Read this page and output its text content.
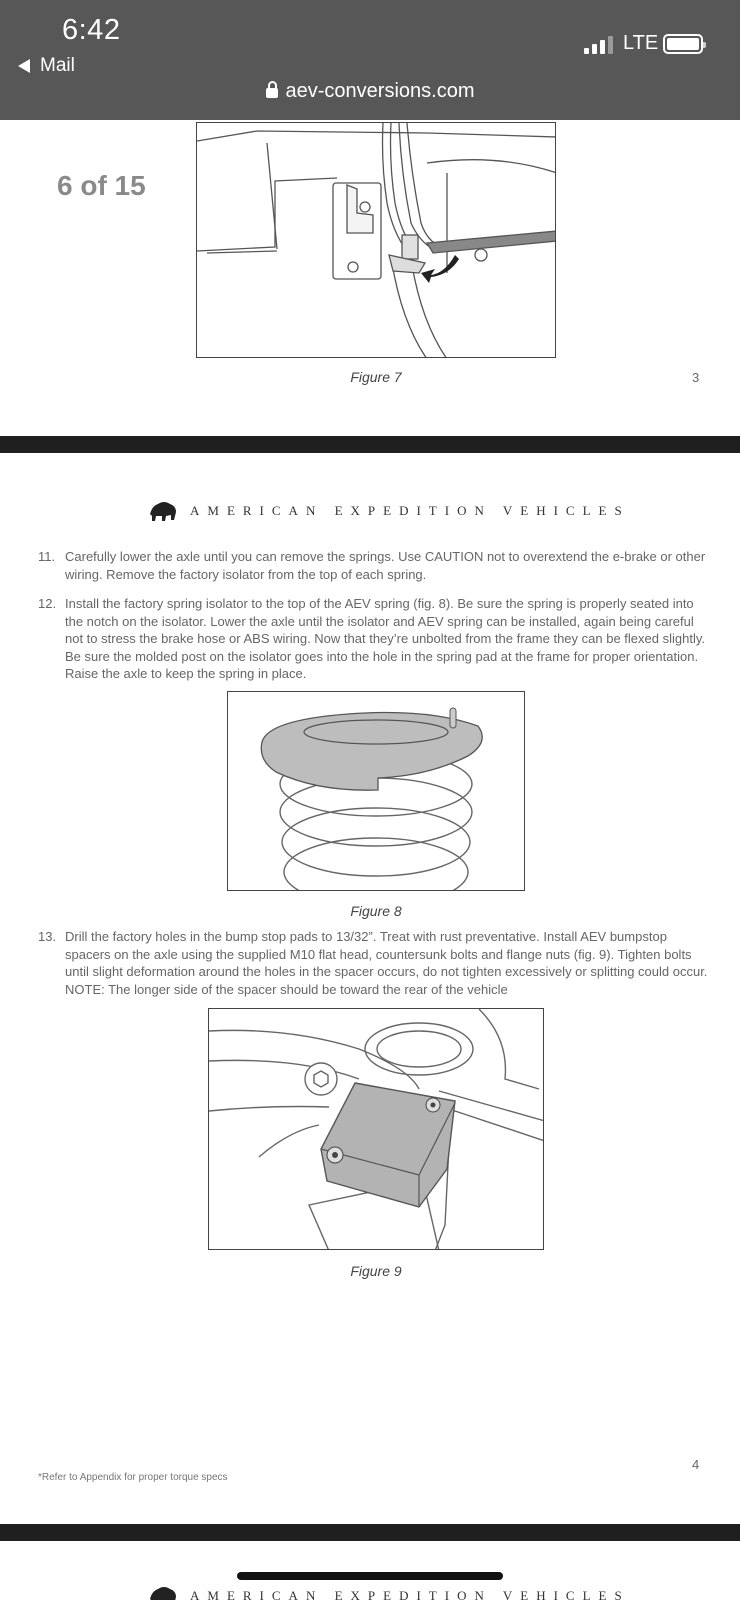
6:42
Mail
LTE
aev-conversions.com
6 of 15
Figure 7	3
AMERICAN EXPEDITION VEHICLES
11. Carefully lower the axle until you can remove the springs. Use CAUTION not to overextend the e-brake or other wiring. Remove the factory isolator from the top of each spring.
12. Install the factory spring isolator to the top of the AEV spring (fig. 8). Be sure the spring is properly seated into the notch on the isolator. Lower the axle until the isolator and AEV spring can be installed, again being careful not to stress the brake hose or ABS wiring. Now that they’re unbolted from the frame they can be flexed slightly. Be sure the molded post on the isolator goes into the hole in the spring pad at the frame for proper orientation. Raise the axle to keep the spring in place.
Figure 8
13. Drill the factory holes in the bump stop pads to 13/32”. Treat with rust preventative. Install AEV bumpstop spacers on the axle using the supplied M10 flat head, countersunk bolts and flange nuts (fig. 9). Tighten bolts until slight deformation around the holes in the spacer occurs, do not tighten excessively or splitting could occur. NOTE: The longer side of the spacer should be toward the rear of the vehicle
Figure 9
4
*Refer to Appendix for proper torque specs
AMERICAN EXPEDITION VEHICLES
